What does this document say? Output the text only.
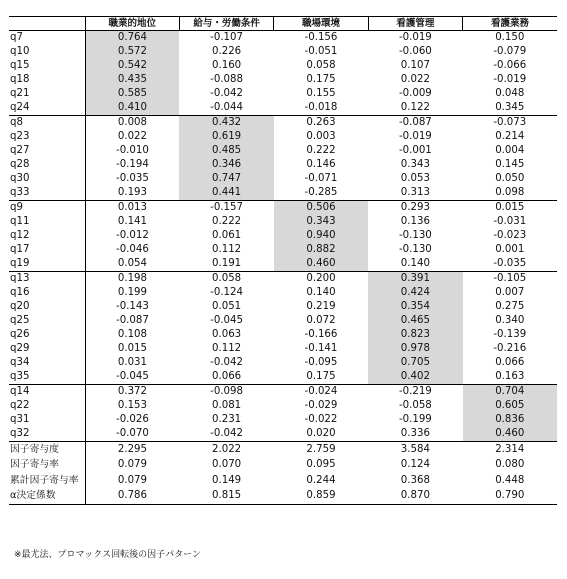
	職業的地位	給与・労働条件	職場環境	看護管理	看護業務
q7	0.764	-0.107	-0.156	-0.019	0.150
q10	0.572	0.226	-0.051	-0.060	-0.079
q15	0.542	0.160	0.058	0.107	-0.066
q18	0.435	-0.088	0.175	0.022	-0.019
q21	0.585	-0.042	0.155	-0.009	0.048
q24	0.410	-0.044	-0.018	0.122	0.345
q8	0.008	0.432	0.263	-0.087	-0.073
q23	0.022	0.619	0.003	-0.019	0.214
q27	-0.010	0.485	0.222	-0.001	0.004
q28	-0.194	0.346	0.146	0.343	0.145
q30	-0.035	0.747	-0.071	0.053	0.050
q33	0.193	0.441	-0.285	0.313	0.098
q9	0.013	-0.157	0.506	0.293	0.015
q11	0.141	0.222	0.343	0.136	-0.031
q12	-0.012	0.061	0.940	-0.130	-0.023
q17	-0.046	0.112	0.882	-0.130	0.001
q19	0.054	0.191	0.460	0.140	-0.035
q13	0.198	0.058	0.200	0.391	-0.105
q16	0.199	-0.124	0.140	0.424	0.007
q20	-0.143	0.051	0.219	0.354	0.275
q25	-0.087	-0.045	0.072	0.465	0.340
q26	0.108	0.063	-0.166	0.823	-0.139
q29	0.015	0.112	-0.141	0.978	-0.216
q34	0.031	-0.042	-0.095	0.705	0.066
q35	-0.045	0.066	0.175	0.402	0.163
q14	0.372	-0.098	-0.024	-0.219	0.704
q22	0.153	0.081	-0.029	-0.058	0.605
q31	-0.026	0.231	-0.022	-0.199	0.836
q32	-0.070	-0.042	0.020	0.336	0.460
因子寄与度	2.295	2.022	2.759	3.584	2.314
因子寄与率	0.079	0.070	0.095	0.124	0.080
累計因子寄与率	0.079	0.149	0.244	0.368	0.448
α決定係数	0.786	0.815	0.859	0.870	0.790
※最尤法、プロマックス回転後の因子パターン
